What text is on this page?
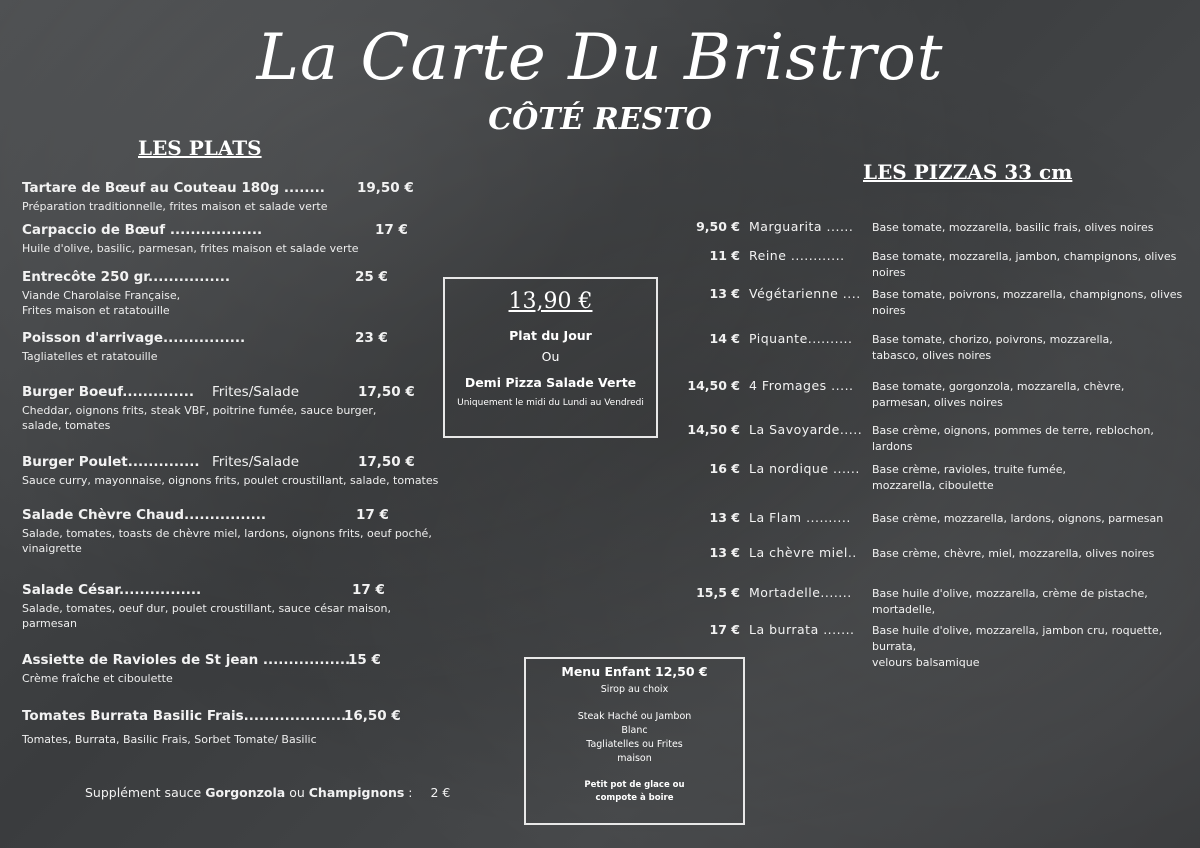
La Carte Du Bristrot
CÔTÉ RESTO
LES PLATS
Tartare de Bœuf au Couteau 180g ........ 19,50 €
Préparation traditionnelle, frites maison et salade verte
Carpaccio de Bœuf ..................	17 €
Huile d'olive, basilic, parmesan, frites maison et salade verte
Entrecôte 250 gr................	25 €
Viande Charolaise Française,
Frites maison et ratatouille
Poisson d'arrivage................	23 €
Tagliatelles et ratatouille
Burger Boeuf.............. Frites/Salade	17,50 €
Cheddar, oignons frits, steak VBF, poitrine fumée, sauce burger,
salade, tomates
Burger Poulet.............. Frites/Salade	17,50 €
Sauce curry, mayonnaise, oignons frits, poulet croustillant, salade, tomates
Salade Chèvre Chaud................	17 €
Salade, tomates, toasts de chèvre miel, lardons, oignons frits, oeuf poché,
vinaigrette
Salade César................	17 €
Salade, tomates, oeuf dur, poulet croustillant, sauce césar maison,
parmesan
Assiette de Ravioles de St jean .................
15 €
Crème fraîche et ciboulette
Tomates Burrata Basilic Frais.....................
16,50 €
Tomates, Burrata, Basilic Frais, Sorbet Tomate/ Basilic
Supplément sauce Gorgonzola ou Champignons : 2 €
13,90 €
Plat du Jour
Ou
Demi Pizza Salade Verte
Uniquement le midi du Lundi au Vendredi
Menu Enfant 12,50 €
Sirop au choix
Steak Haché ou Jambon
Blanc
Tagliatelles ou Frites
maison
Petit pot de glace ou
compote à boire
LES PIZZAS 33 cm
9,50 € Marguarita ...... Base tomate, mozzarella, basilic frais, olives noires
11 € Reine ............ Base tomate, mozzarella, jambon, champignons, olives noires
13 € Végétarienne .... Base tomate, poivrons, mozzarella, champignons, olives noires
14 € Piquante.......... Base tomate, chorizo, poivrons, mozzarella,
tabasco, olives noires
14,50 € 4 Fromages ..... Base tomate, gorgonzola, mozzarella, chèvre,
parmesan, olives noires
14,50 € La Savoyarde..... Base crème, oignons, pommes de terre, reblochon,
lardons
16 € La nordique ...... Base crème, ravioles, truite fumée,
mozzarella, ciboulette
13 € La Flam .......... Base crème, mozzarella, lardons, oignons, parmesan
13 € La chèvre miel.. Base crème, chèvre, miel, mozzarella, olives noires
15,5 € Mortadelle....... Base huile d'olive, mozzarella, crème de pistache, mortadelle,
17 € La burrata ....... Base huile d'olive, mozzarella, jambon cru, roquette, burrata,
velours balsamique
